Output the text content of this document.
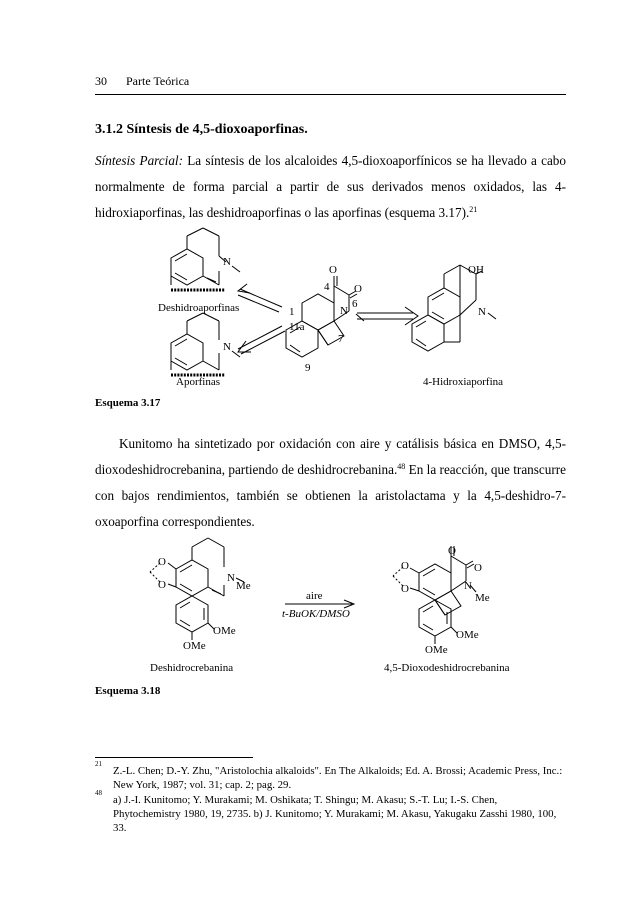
30 Parte Teórica
3.1.2 Síntesis de 4,5-dioxoaporfinas.
Síntesis Parcial: La síntesis de los alcaloides 4,5-dioxoaporfínicos se ha llevado a cabo
normalmente de forma parcial a partir de sus derivados menos oxidados, las 4-
hidroxiaporfinas, las deshidroaporfinas o las aporfinas (esquema 3.17).$^{21}$
N
N
Deshidroaporfinas
Aporfinas
O
O
N
4
6
1
11a
7
9
OH
N
4-Hidroxiaporfina
Esquema 3.17
Kunitomo ha sintetizado por oxidación con aire y catálisis básica en DMSO, 4,5-
dioxodeshidrocrebanina, partiendo de deshidrocrebanina.$^{48}$ En la reacción, que transcurre
con bajos rendimientos, también se obtienen la aristolactama y la 4,5-deshidro-7-
oxoaporfina correspondientes.
O
O
N
Me
OMe
OMe
Deshidrocrebanina
aire
t-BuOK/DMSO
O
O
O
O	N
Me
OMe
OMe
4,5-Dioxodeshidrocrebanina
Esquema 3.18
21
Z.-L. Chen; D.-Y. Zhu, "Aristolochia alkaloids". En The Alkaloids; Ed. A. Brossi; Academic Press, Inc.: New York, 1987; vol. 31; cap. 2; pag. 29.
48
a) J.-I. Kunitomo; Y. Murakami; M. Oshikata; T. Shingu; M. Akasu; S.-T. Lu; I.-S. Chen, Phytochemistry 1980, 19, 2735. b) J. Kunitomo; Y. Murakami; M. Akasu, Yakugaku Zasshi 1980, 100, 33.
